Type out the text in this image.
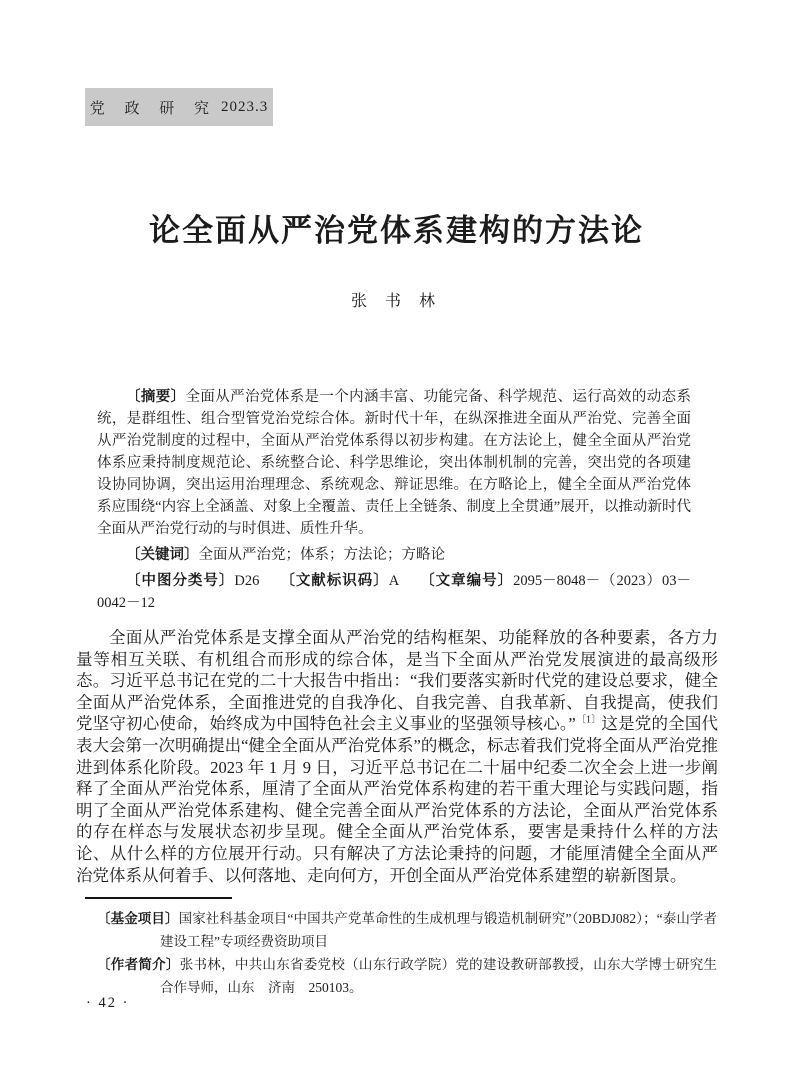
党 政 研 究 2023.3
论全面从严治党体系建构的方法论
张 书 林

〔摘要〕全面从严治党体系是一个内涵丰富、功能完备、科学规范、运行高效的动态系统，是群组性、组合型管党治党综合体。新时代十年，在纵深推进全面从严治党、完善全面从严治党制度的过程中，全面从严治党体系得以初步构建。在方法论上，健全全面从严治党体系应秉持制度规范论、系统整合论、科学思维论，突出体制机制的完善，突出党的各项建设协同协调，突出运用治理理念、系统观念、辩证思维。在方略论上，健全全面从严治党体系应围绕“内容上全涵盖、对象上全覆盖、责任上全链条、制度上全贯通”展开，以推动新时代全面从严治党行动的与时俱进、质性升华。

〔关键词〕全面从严治党；体系；方法论；方略论

〔中图分类号〕D26 〔文献标识码〕A 〔文章编号〕2095－8048－（2023）03－0042－12

全面从严治党体系是支撑全面从严治党的结构框架、功能释放的各种要素，各方力量等相互关联、有机组合而形成的综合体，是当下全面从严治党发展演进的最高级形态。习近平总书记在党的二十大报告中指出：“我们要落实新时代党的建设总要求，健全全面从严治党体系，全面推进党的自我净化、自我完善、自我革新、自我提高，使我们党坚守初心使命，始终成为中国特色社会主义事业的坚强领导核心。”$^{〔1〕}$这是党的全国代表大会第一次明确提出“健全全面从严治党体系”的概念，标志着我们党将全面从严治党推进到体系化阶段。2023 年 1 月 9 日，习近平总书记在二十届中纪委二次全会上进一步阐释了全面从严治党体系，厘清了全面从严治党体系构建的若干重大理论与实践问题，指明了全面从严治党体系建构、健全完善全面从严治党体系的方法论，全面从严治党体系的存在样态与发展状态初步呈现。健全全面从严治党体系，要害是秉持什么样的方法论、从什么样的方位展开行动。只有解决了方法论秉持的问题，才能厘清健全全面从严治党体系从何着手、以何落地、走向何方，开创全面从严治党体系建塑的崭新图景。

〔基金项目〕国家社科基金项目“中国共产党革命性的生成机理与锻造机制研究”（20BDJ082）；“泰山学者建设工程”专项经费资助项目

〔作者简介〕张书林，中共山东省委党校（山东行政学院）党的建设教研部教授，山东大学博士研究生合作导师，山东　济南　250103。

· 42 ·
